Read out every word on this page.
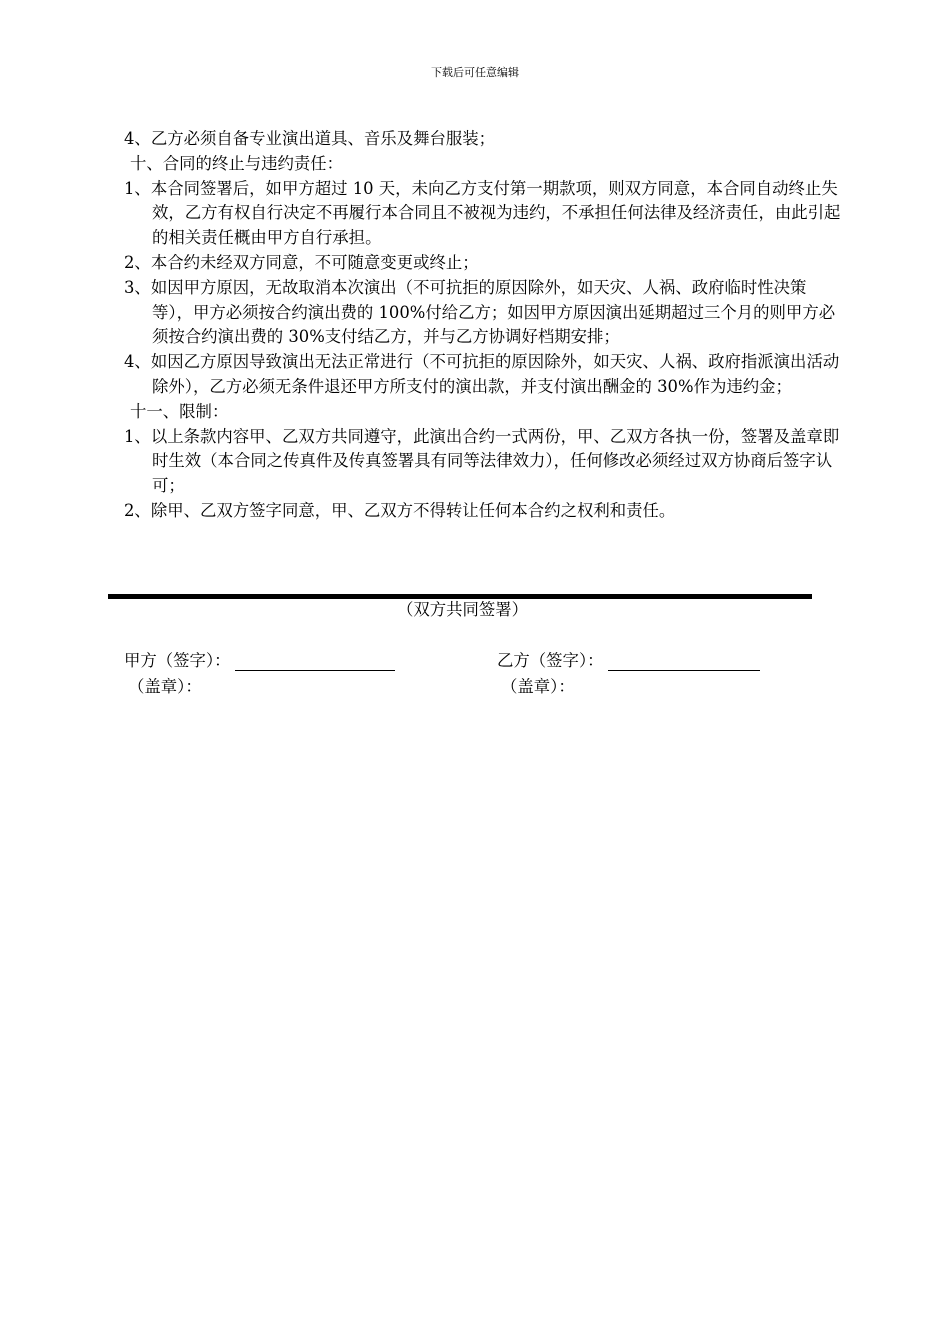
下载后可任意编辑

4、乙方必须自备专业演出道具、音乐及舞台服装；

十、合同的终止与违约责任：

1、本合同签署后，如甲方超过 10 天，未向乙方支付第一期款项，则双方同意，本合同自动终止失效，乙方有权自行决定不再履行本合同且不被视为违约，不承担任何法律及经济责任，由此引起的相关责任概由甲方自行承担。

2、本合约未经双方同意，不可随意变更或终止；

3、如因甲方原因，无故取消本次演出（不可抗拒的原因除外，如天灾、人祸、政府临时性决策等），甲方必须按合约演出费的 100%付给乙方；如因甲方原因演出延期超过三个月的则甲方必须按合约演出费的 30%支付结乙方，并与乙方协调好档期安排；

4、如因乙方原因导致演出无法正常进行（不可抗拒的原因除外，如天灾、人祸、政府指派演出活动除外），乙方必须无条件退还甲方所支付的演出款，并支付演出酬金的 30%作为违约金；

十一、限制：

1、以上条款内容甲、乙双方共同遵守，此演出合约一式两份，甲、乙双方各执一份，签署及盖章即时生效（本合同之传真件及传真签署具有同等法律效力），任何修改必须经过双方协商后签字认可；

2、除甲、乙双方签字同意，甲、乙双方不得转让任何本合约之权利和责任。

（双方共同签署）
甲方（签字）：
（盖章）：
乙方（签字）：
（盖章）：
